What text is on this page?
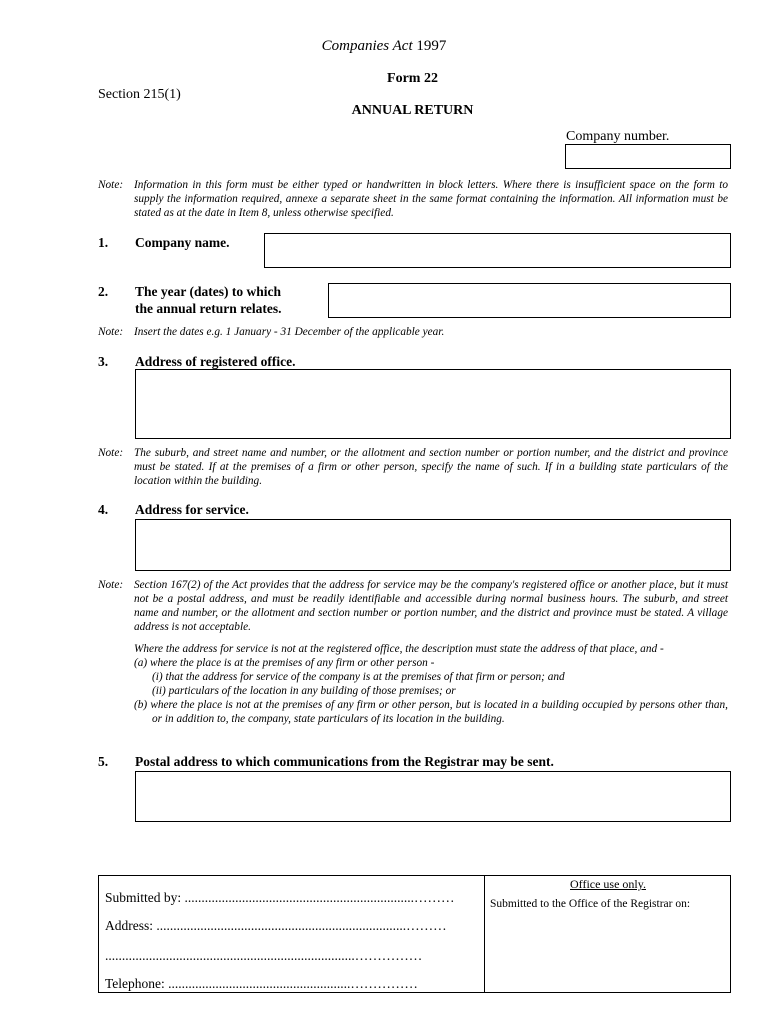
Companies Act 1997
Form 22
Section 215(1)
ANNUAL RETURN
Company number.
Note: Information in this form must be either typed or handwritten in block letters. Where there is insufficient space on the form to supply the information required, annexe a separate sheet in the same format containing the information. All information must be stated as at the date in Item 8, unless otherwise specified.
1. Company name.
2. The year (dates) to which
the annual return relates.
Note: Insert the dates e.g. 1 January - 31 December of the applicable year.
3. Address of registered office.
Note: The suburb, and street name and number, or the allotment and section number or portion number, and the district and province must be stated. If at the premises of a firm or other person, specify the name of such. If in a building state particulars of the location within the building.
4. Address for service.
Note: Section 167(2) of the Act provides that the address for service may be the company's registered office or another place, but it must not be a postal address, and must be readily identifiable and accessible during normal business hours. The suburb, and street name and number, or the allotment and section number or portion number, and the district and province must be stated. A village address is not acceptable.
Where the address for service is not at the registered office, the description must state the address of that place, and -
(a) where the place is at the premises of any firm or other person -
(i) that the address for service of the company is at the premises of that firm or person; and
(ii) particulars of the location in any building of those premises; or
(b) where the place is not at the premises of any firm or other person, but is located in a building occupied by persons other than, or in addition to, the company, state particulars of its location in the building.
5. Postal address to which communications from the Registrar may be sent.
Submitted by: ....................................................................………
Address: ..........................................................................………
..........................................................................……………
Telephone: ......................................................……………
Office use only.
Submitted to the Office of the Registrar on:
